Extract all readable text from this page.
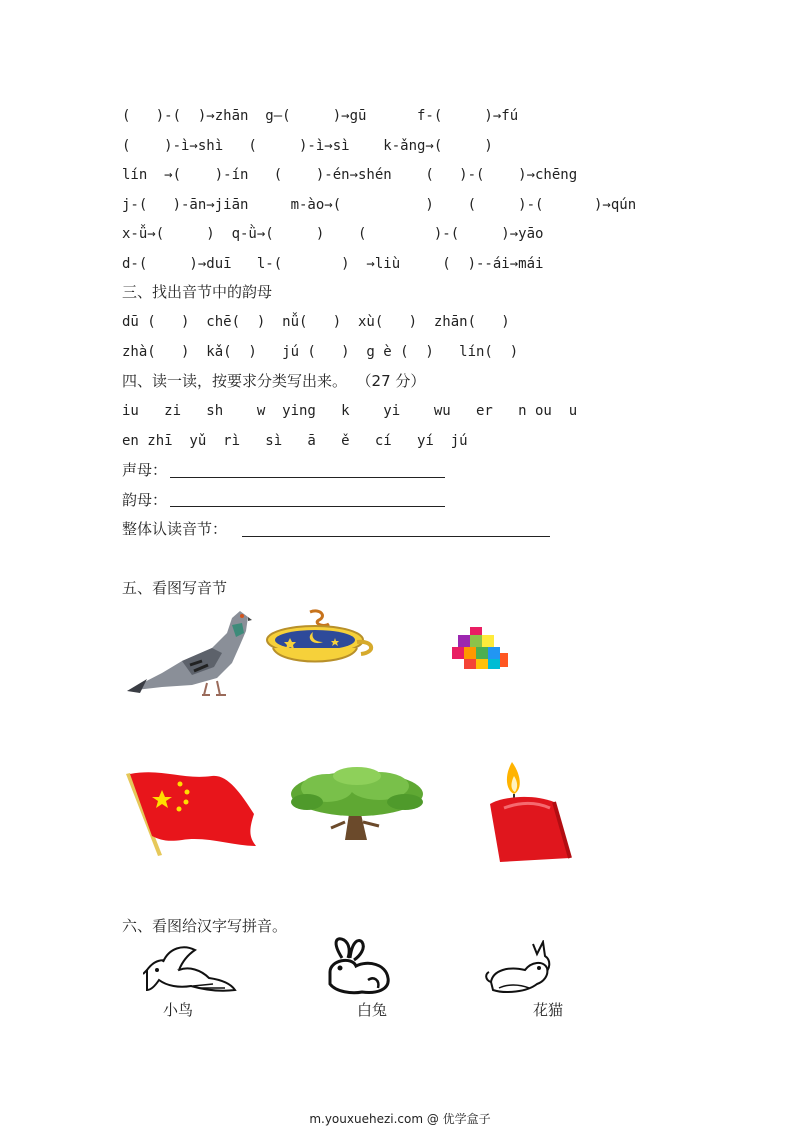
(   )-(  )→zhān  g—(     )→gū      f-(     )→fú
(    )-ì→shì   (     )-ì→sì    k-ǎng→(     )
lín  →(    )-ín   (    )-én→shén    (   )-(    )→chēng
j-(   )-ān→jiān     m-ào→(          )    (     )-(      )→qún
x-ǚ→(     )  q-ǜ→(     )    (        )-(     )→yāo
d-(     )→duī   l-(       )  →liù     (  )--ái→mái
三、找出音节中的韵母
dū (   )  chē(  )  nǚ(   )  xù(   )  zhān(   )
zhà(   )  kǎ(  )   jú (   )  g è (  )   lín(  )
四、读一读，按要求分类写出来。  （27 分）
iu   zi   sh    w  ying   k    yi    wu   er   n ou  u
en zhī  yǔ  rì   sì   ā   ě   cí   yí  jú
声母：
韵母：
整体认读音节：
五、看图写音节
六、看图给汉字写拼音。
小鸟	白兔	花猫
m.youxuehezi.com @ 优学盒子
